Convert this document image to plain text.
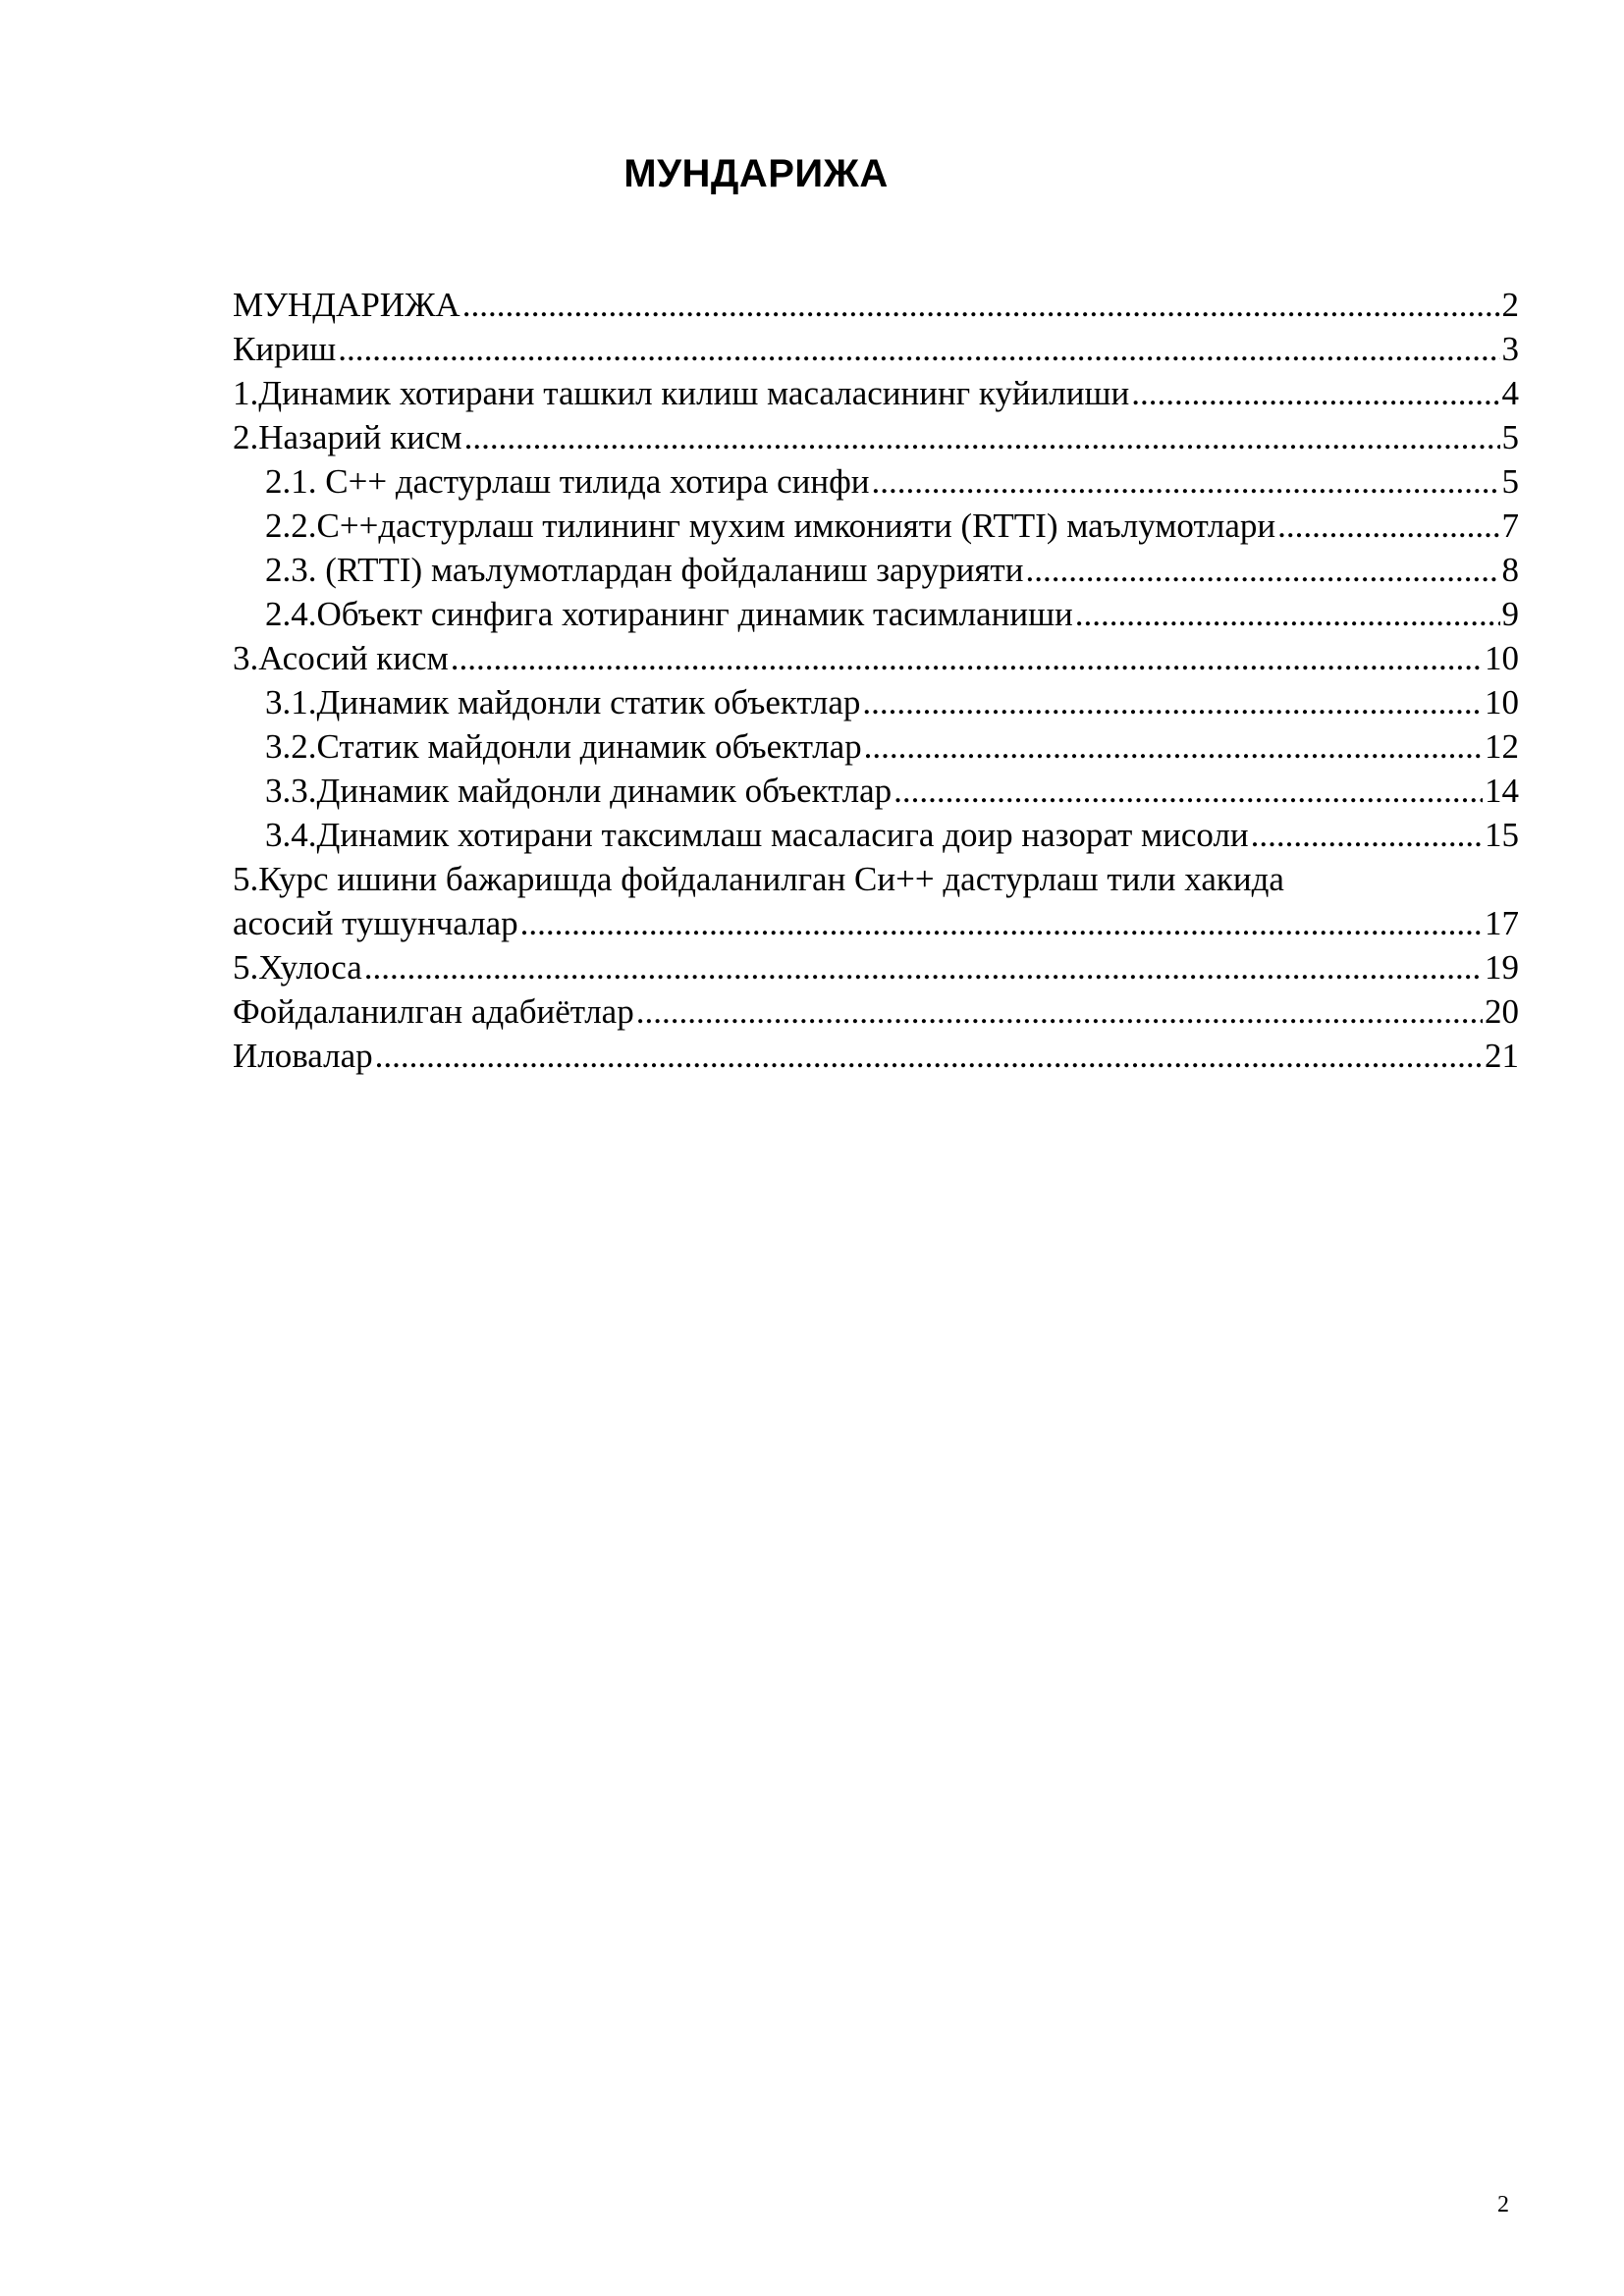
МУНДАРИЖА
МУНДАРИЖА .....	2
Кириш .....	3
1.Динамик хотирани ташкил килиш масаласининг куйилиши .....	4
2.Назарий кисм .....	5
2.1. С++ дастурлаш тилида хотира синфи .....	5
2.2.С++дастурлаш тилининг мухим имконияти (RTTI) маълумотлари .....	7
2.3. (RTTI) маълумотлардан фойдаланиш зарурияти .....	8
2.4.Объект синфига хотиранинг динамик тасимланиши .....	9
3.Асосий кисм .....	10
3.1.Динамик майдонли статик объектлар .....	10
3.2.Статик майдонли динамик объектлар .....	12
3.3.Динамик майдонли динамик объектлар .....	14
3.4.Динамик хотирани таксимлаш масаласига доир назорат мисоли .....	15
5.Курс ишини бажаришда фойдаланилган Си++ дастурлаш тили хакида
асосий тушунчалар .....	17
5.Хулоса .....	19
Фойдаланилган адабиётлар .....	20
Иловалар .....	21
2
